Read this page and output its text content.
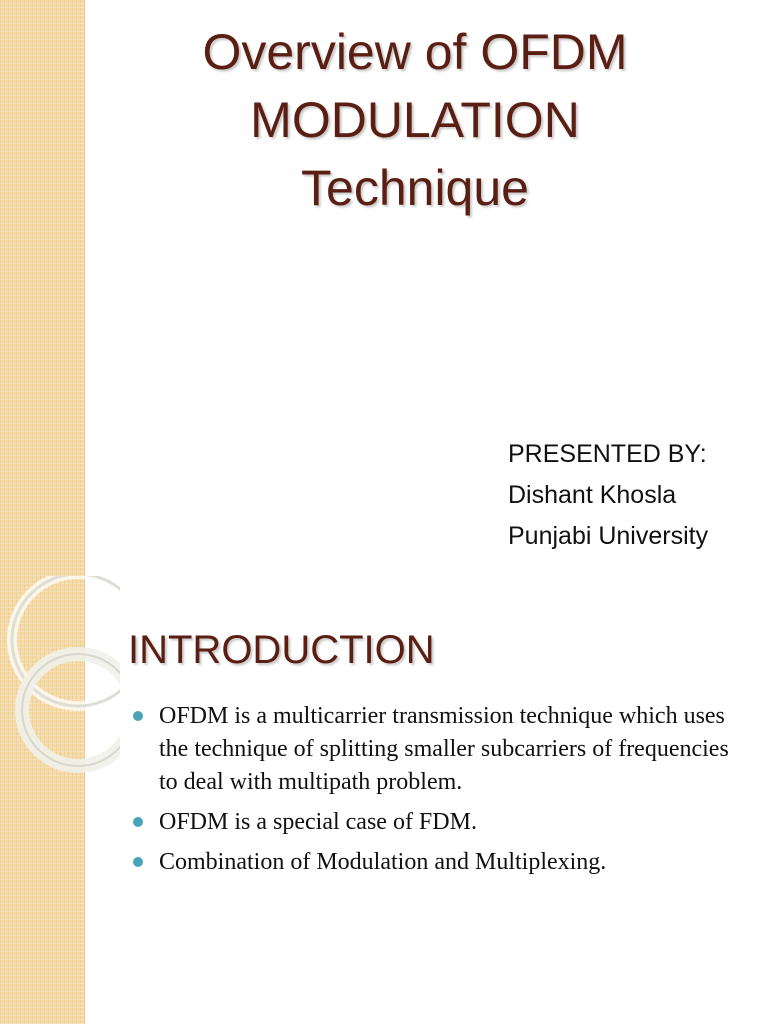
Overview of OFDM
MODULATION
Technique
PRESENTED BY:
Dishant Khosla
Punjabi University
INTRODUCTION
OFDM is a multicarrier transmission technique which uses the technique of splitting smaller subcarriers of frequencies to deal with multipath problem.
OFDM is a special case of FDM.
Combination of Modulation and Multiplexing.
